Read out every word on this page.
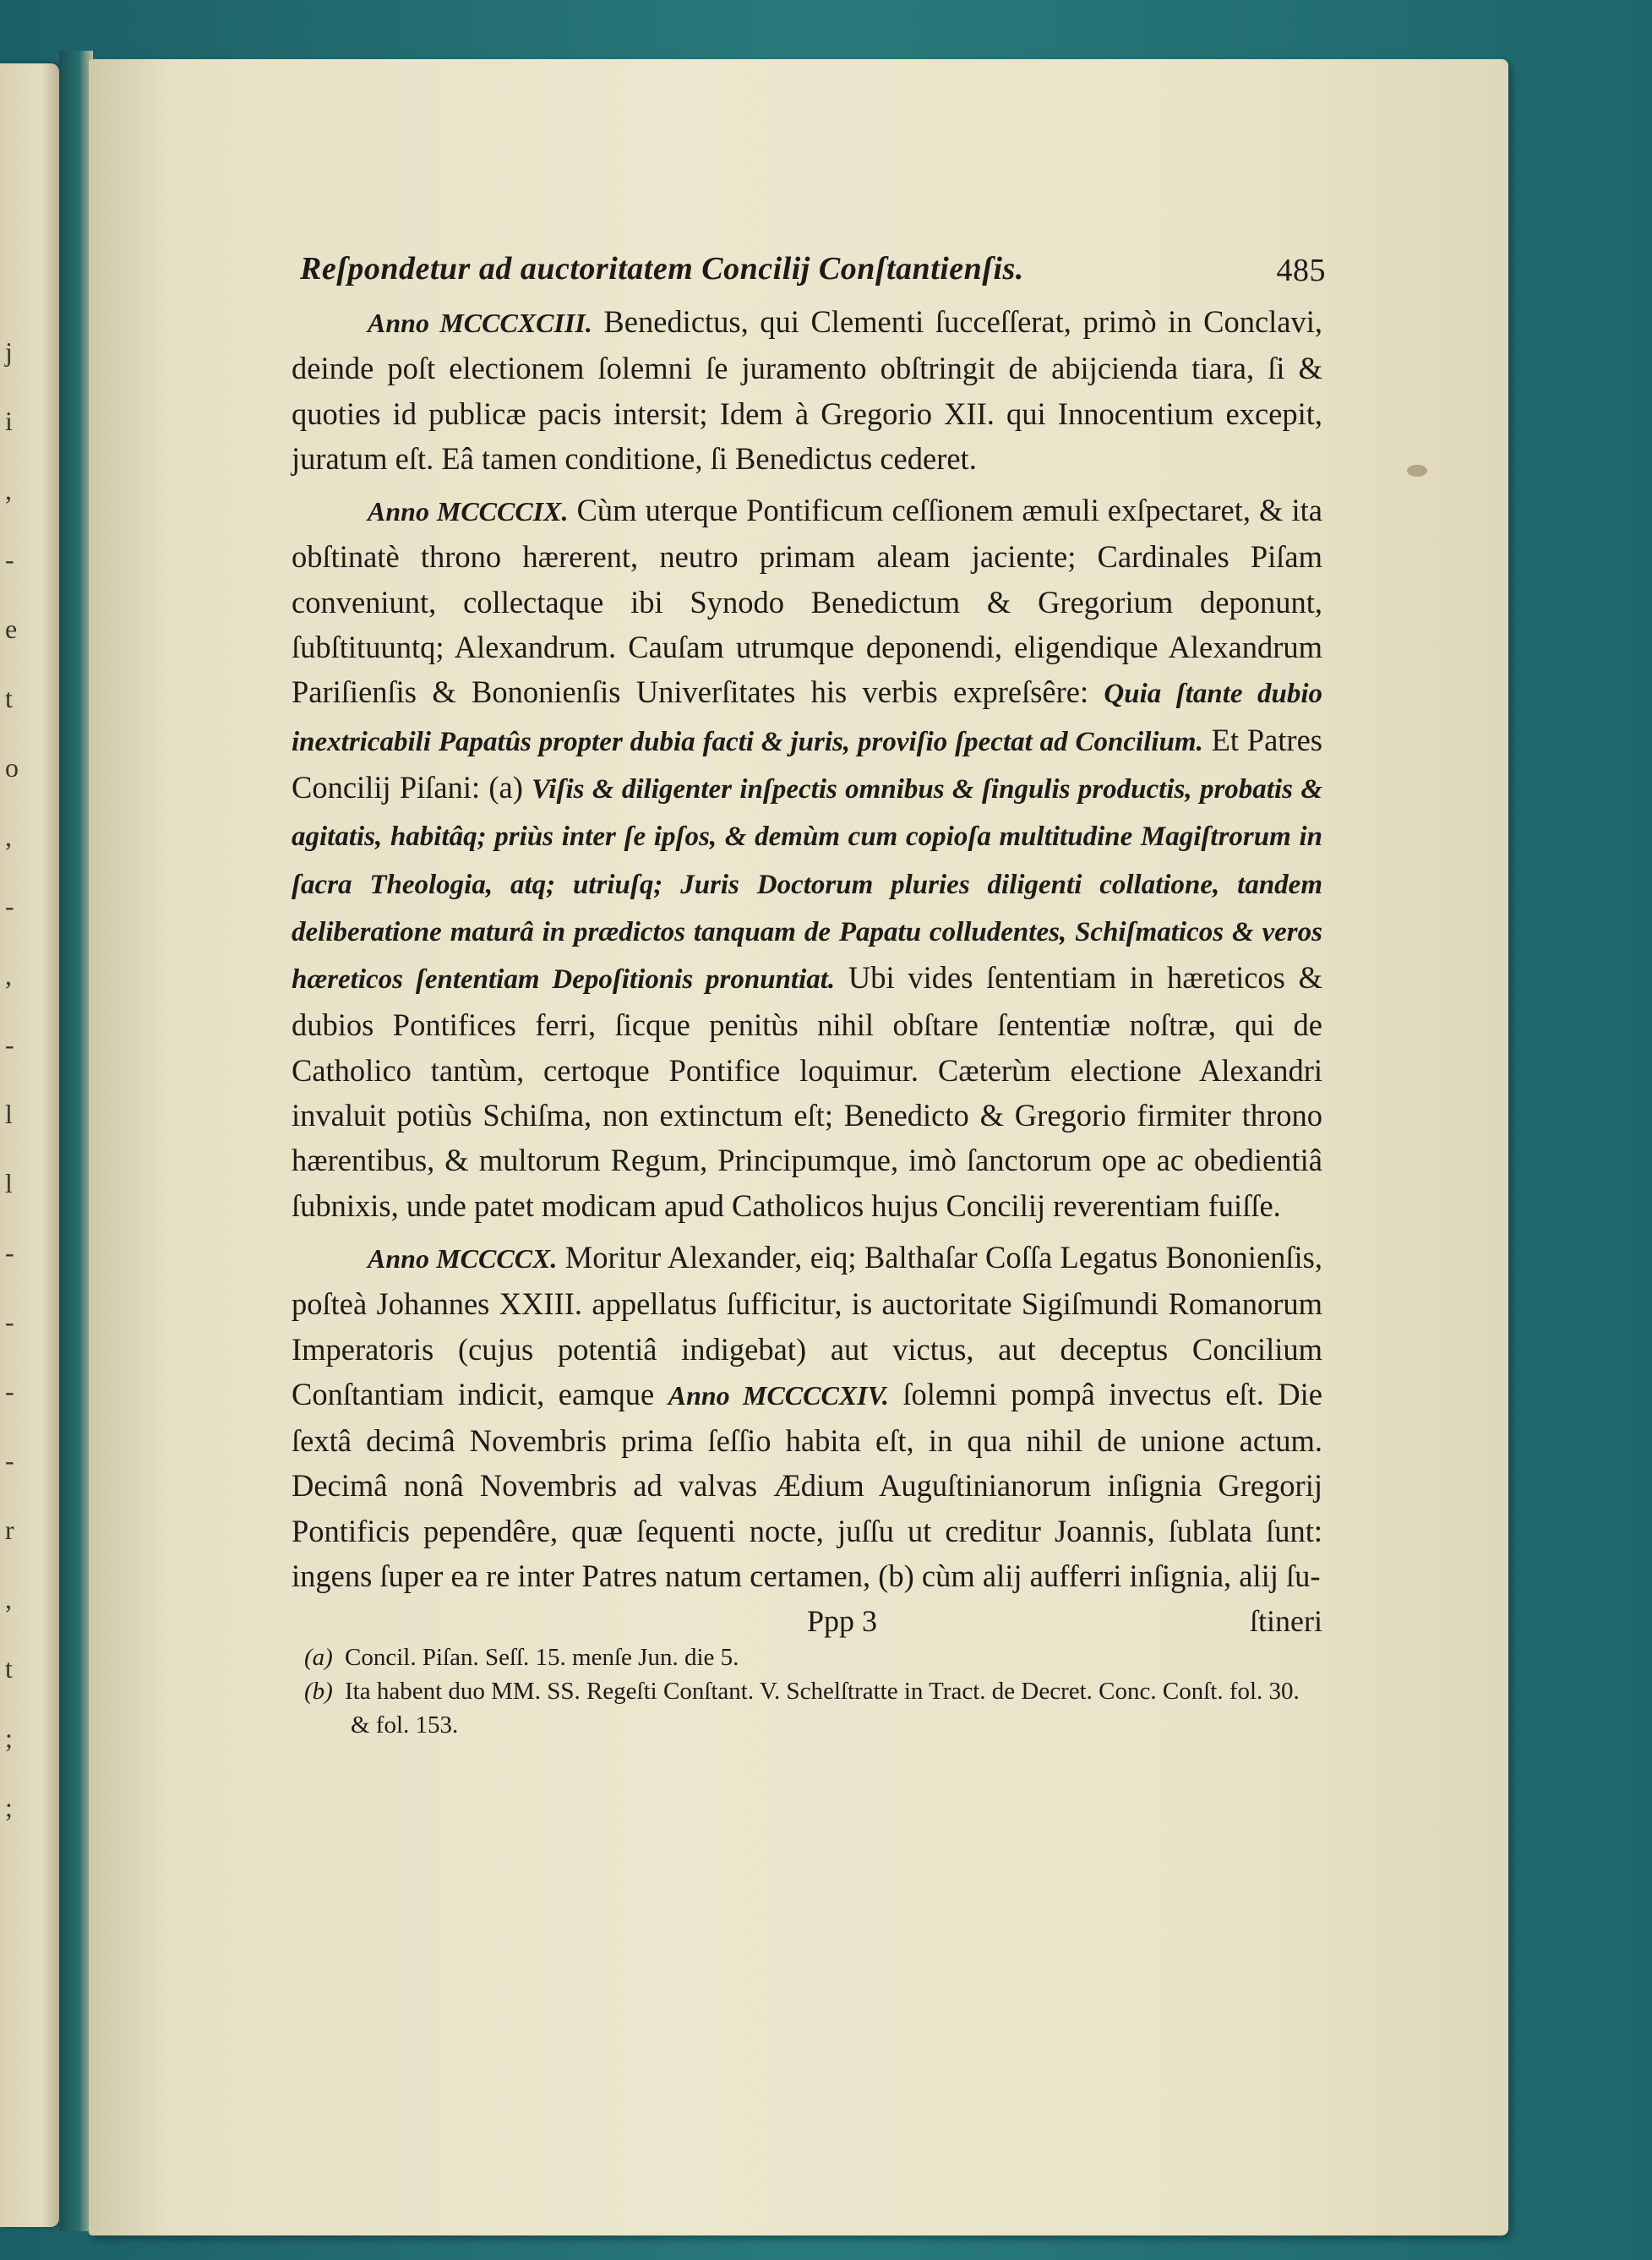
j
i
,
-
e
t
o
,
-
,
-
l
l
-
-
-
-
r
,
t
;
;
Reſpondetur ad auctoritatem Concilij Conſtantienſis.	485

Anno MCCCXCIII. Benedictus, qui Clementi ſucceſſerat, primò in Conclavi, deinde poſt electionem ſolemni ſe juramento obſtringit de abijcienda tiara, ſi & quoties id publicæ pacis intersit; Idem à Gregorio XII. qui Innocentium excepit, juratum eſt. Eâ tamen conditione, ſi Benedictus cederet.

Anno MCCCCIX. Cùm uterque Pontificum ceſſionem æmuli exſpectaret, & ita obſtinatè throno hærerent, neutro primam aleam jaciente; Cardinales Piſam conveniunt, collectaque ibi Synodo Benedictum & Gregorium deponunt, ſubſtituuntq; Alexandrum. Cauſam utrumque deponendi, eligendique Alexandrum Pariſienſis & Bononienſis Univerſitates his verbis expreſsêre: Quia ſtante dubio inextricabili Papatûs propter dubia facti & juris, proviſio ſpectat ad Concilium. Et Patres Concilij Piſani: (a) Viſis & diligenter inſpectis omnibus & ſingulis productis, probatis & agitatis, habitâq; priùs inter ſe ipſos, & demùm cum copioſa multitudine Magiſtrorum in ſacra Theologia, atq; utriuſq; Juris Doctorum pluries diligenti collatione, tandem deliberatione maturâ in prædictos tanquam de Papatu colludentes, Schiſmaticos & veros hæreticos ſententiam Depoſitionis pronuntiat. Ubi vides ſententiam in hæreticos & dubios Pontifices ferri, ſicque penitùs nihil obſtare ſententiæ noſtræ, qui de Catholico tantùm, certoque Pontifice loquimur. Cæterùm electione Alexandri invaluit potiùs Schiſma, non extinctum eſt; Benedicto & Gregorio firmiter throno hærentibus, & multorum Regum, Principumque, imò ſanctorum ope ac obedientiâ ſubnixis, unde patet modicam apud Catholicos hujus Concilij reverentiam fuiſſe.

Anno MCCCCX. Moritur Alexander, eiq; Balthaſar Coſſa Legatus Bononienſis, poſteà Johannes XXIII. appellatus ſufficitur, is auctoritate Sigiſmundi Romanorum Imperatoris (cujus potentiâ indigebat) aut victus, aut deceptus Concilium Conſtantiam indicit, eamque Anno MCCCCXIV. ſolemni pompâ invectus eſt. Die ſextâ decimâ Novembris prima ſeſſio habita eſt, in qua nihil de unione actum. Decimâ nonâ Novembris ad valvas Ædium Auguſtinianorum inſignia Gregorij Pontificis pependêre, quæ ſequenti nocte, juſſu ut creditur Joannis, ſublata ſunt: ingens ſuper ea re inter Patres natum certamen, (b) cùm alij aufferri inſignia, alij ſu-

Ppp 3	ſtineri

(a) Concil. Piſan. Seſſ. 15. menſe Jun. die 5.

(b) Ita habent duo MM. SS. Regeſti Conſtant. V. Schelſtratte in Tract. de Decret. Conc. Conſt. fol. 30. & fol. 153.
